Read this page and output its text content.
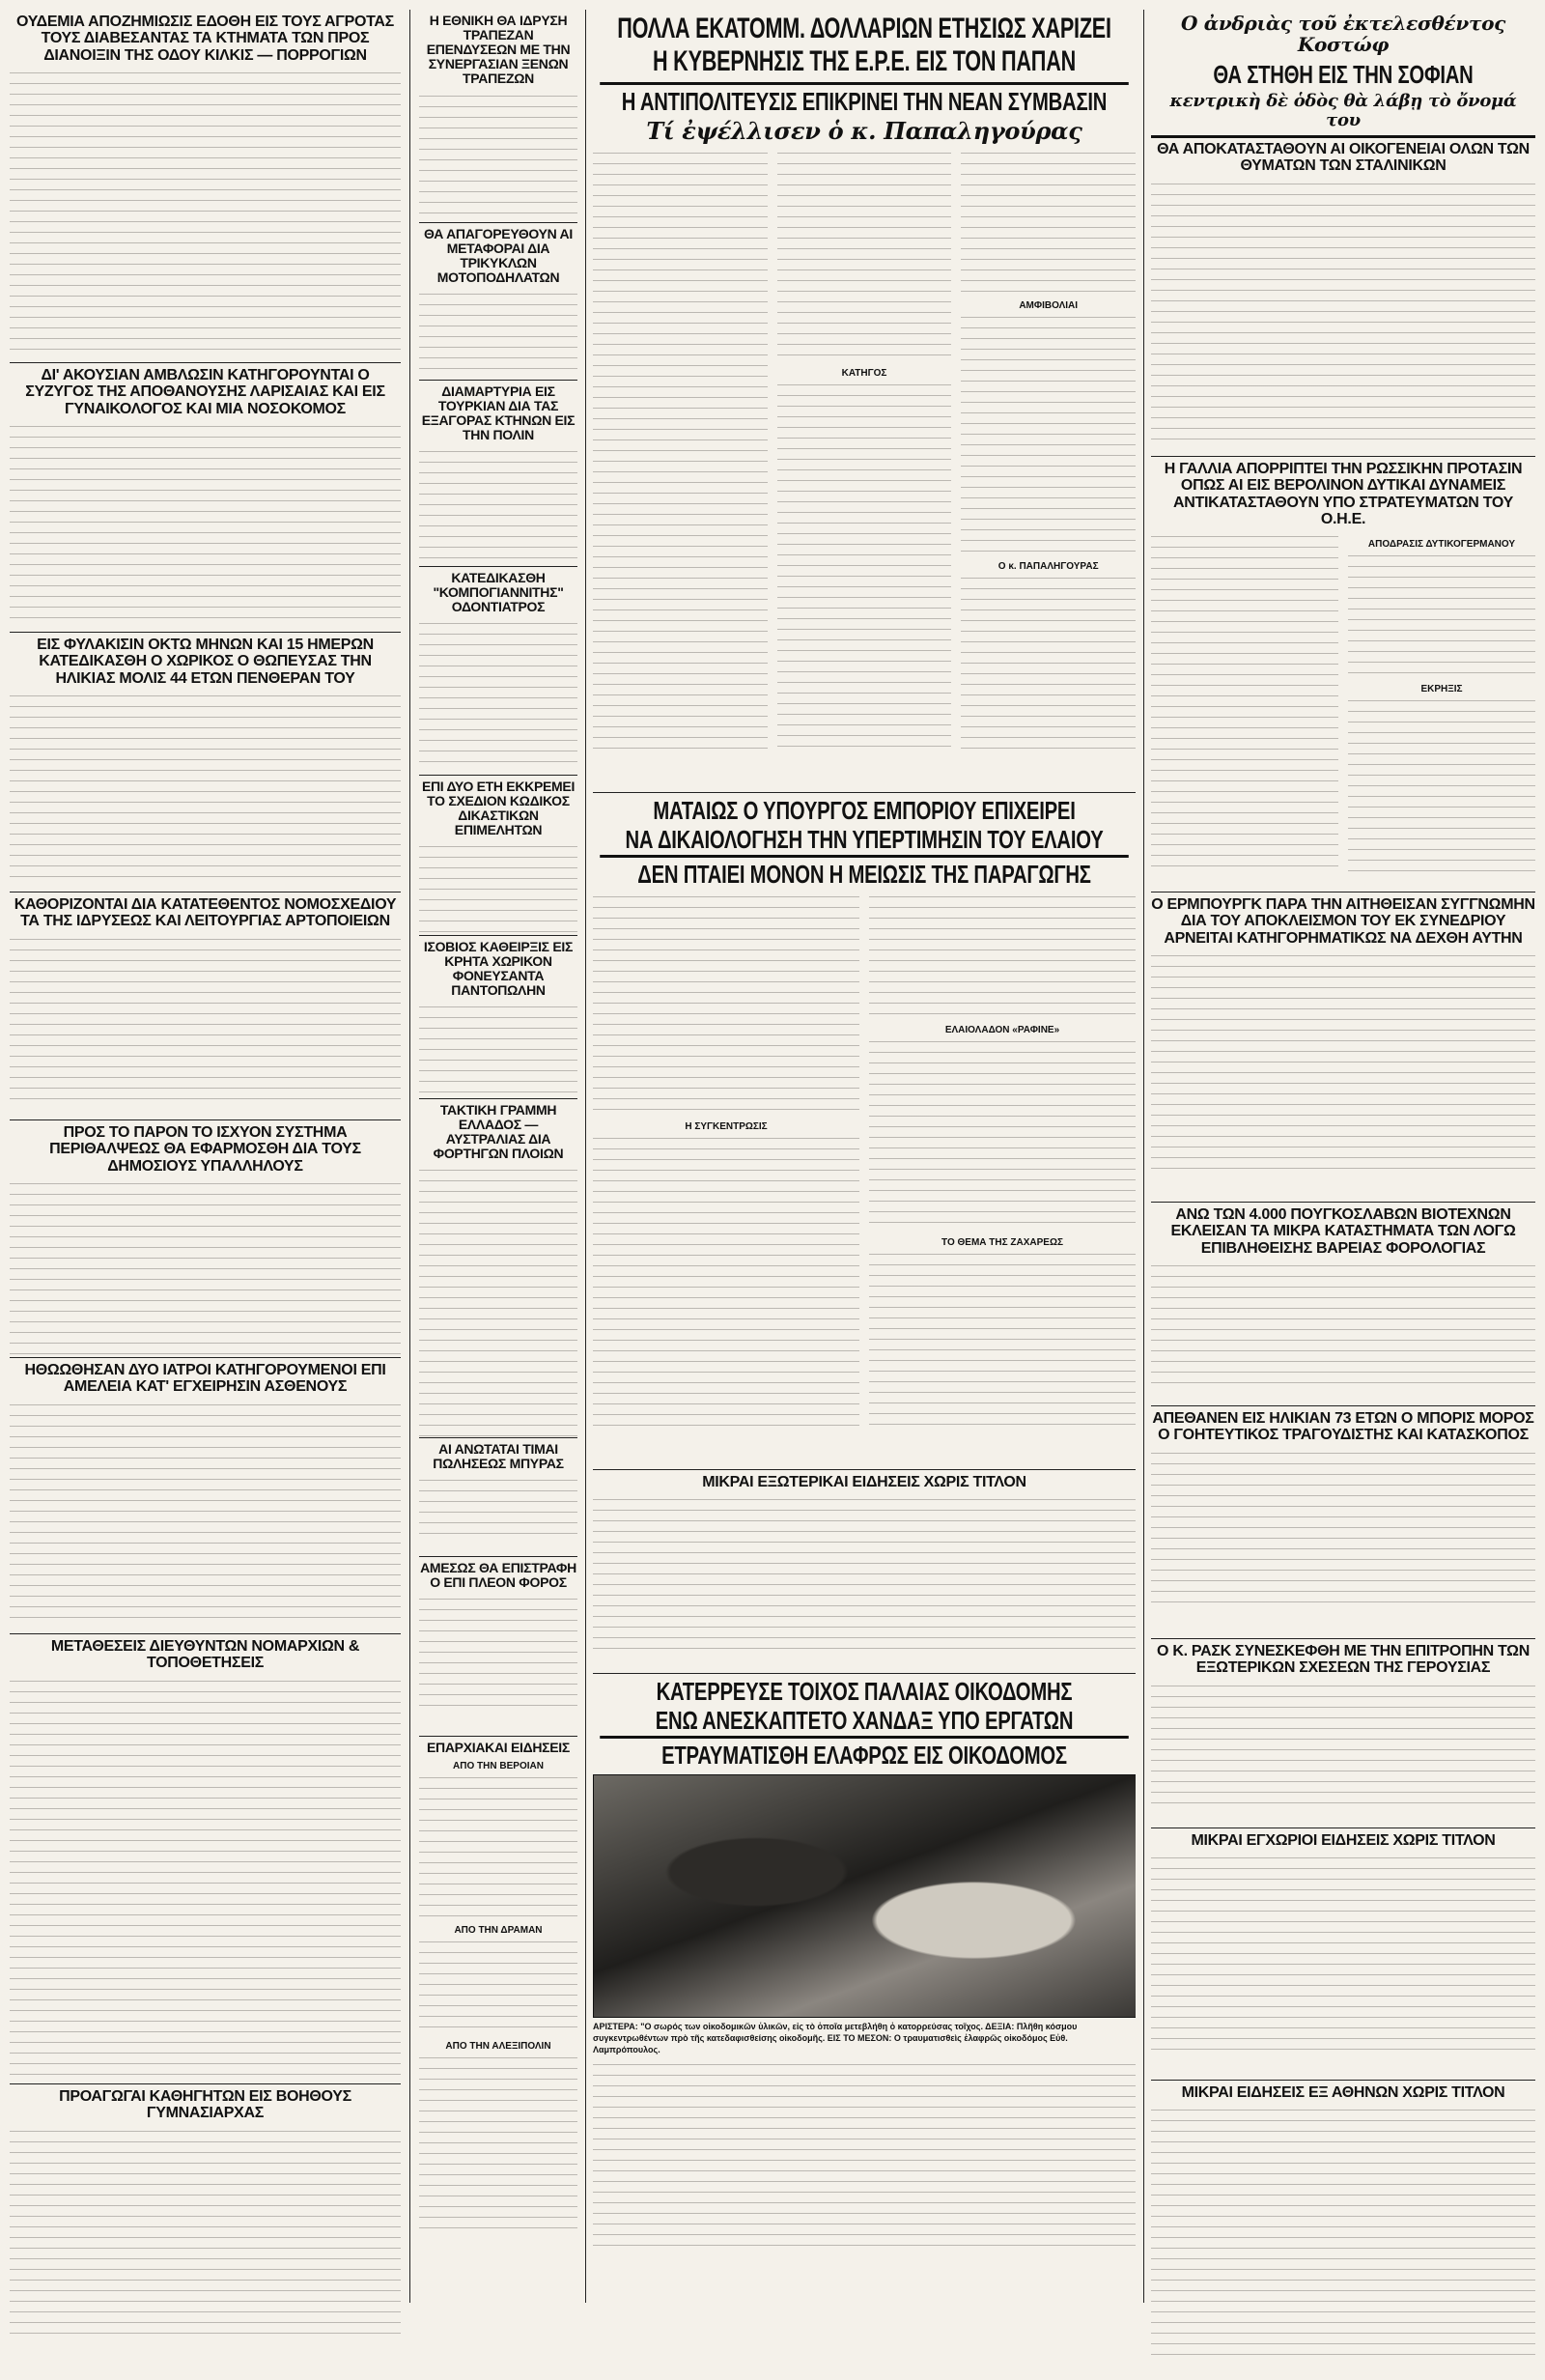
ΟΥΔΕΜΙΑ ΑΠΟΖΗΜΙΩΣΙΣ ΕΔΟΘΗ ΕΙΣ ΤΟΥΣ ΑΓΡΟΤΑΣ ΤΟΥΣ ΔΙΑΒΕΣΑΝΤΑΣ ΤΑ ΚΤΗΜΑΤΑ ΤΩΝ ΠΡΟΣ ΔΙΑΝΟΙΞΙΝ ΤΗΣ ΟΔΟΥ ΚΙΛΚΙΣ — ΠΟΡΡΟΓΙΩΝ
ΔΙ' ΑΚΟΥΣΙΑΝ ΑΜΒΛΩΣΙΝ ΚΑΤΗΓΟΡΟΥΝΤΑΙ Ο ΣΥΖΥΓΟΣ ΤΗΣ ΑΠΟΘΑΝΟΥΣΗΣ ΛΑΡΙΣΑΙΑΣ ΚΑΙ ΕΙΣ ΓΥΝΑΙΚΟΛΟΓΟΣ ΚΑΙ ΜΙΑ ΝΟΣΟΚΟΜΟΣ
ΕΙΣ ΦΥΛΑΚΙΣΙΝ ΟΚΤΩ ΜΗΝΩΝ ΚΑΙ 15 ΗΜΕΡΩΝ ΚΑΤΕΔΙΚΑΣΘΗ Ο ΧΩΡΙΚΟΣ Ο ΘΩΠΕΥΣΑΣ ΤΗΝ ΗΛΙΚΙΑΣ ΜΟΛΙΣ 44 ΕΤΩΝ ΠΕΝΘΕΡΑΝ ΤΟΥ
ΚΑΘΟΡΙΖΟΝΤΑΙ ΔΙΑ ΚΑΤΑΤΕΘΕΝΤΟΣ ΝΟΜΟΣΧΕΔΙΟΥ ΤΑ ΤΗΣ ΙΔΡΥΣΕΩΣ ΚΑΙ ΛΕΙΤΟΥΡΓΙΑΣ ΑΡΤΟΠΟΙΕΙΩΝ
ΠΡΟΣ ΤΟ ΠΑΡΟΝ ΤΟ ΙΣΧΥΟΝ ΣΥΣΤΗΜΑ ΠΕΡΙΘΑΛΨΕΩΣ ΘΑ ΕΦΑΡΜΟΣΘΗ ΔΙΑ ΤΟΥΣ ΔΗΜΟΣΙΟΥΣ ΥΠΑΛΛΗΛΟΥΣ
ΗΘΩΩΘΗΣΑΝ ΔΥΟ ΙΑΤΡΟΙ ΚΑΤΗΓΟΡΟΥΜΕΝΟΙ ΕΠΙ ΑΜΕΛΕΙΑ ΚΑΤ' ΕΓΧΕΙΡΗΣΙΝ ΑΣΘΕΝΟΥΣ
ΜΕΤΑΘΕΣΕΙΣ ΔΙΕΥΘΥΝΤΩΝ ΝΟΜΑΡΧΙΩΝ & ΤΟΠΟΘΕΤΗΣΕΙΣ
ΠΡΟΑΓΩΓΑΙ ΚΑΘΗΓΗΤΩΝ ΕΙΣ ΒΟΗΘΟΥΣ ΓΥΜΝΑΣΙΑΡΧΑΣ
Η ΕΘΝΙΚΗ ΘΑ ΙΔΡΥΣΗ ΤΡΑΠΕΖΑΝ ΕΠΕΝΔΥΣΕΩΝ ΜΕ ΤΗΝ ΣΥΝΕΡΓΑΣΙΑΝ ΞΕΝΩΝ ΤΡΑΠΕΖΩΝ
ΘΑ ΑΠΑΓΟΡΕΥΘΟΥΝ ΑΙ ΜΕΤΑΦΟΡΑΙ ΔΙΑ ΤΡΙΚΥΚΛΩΝ ΜΟΤΟΠΟΔΗΛΑΤΩΝ
ΔΙΑΜΑΡΤΥΡΙΑ ΕΙΣ ΤΟΥΡΚΙΑΝ ΔΙΑ ΤΑΣ ΕΞΑΓΟΡΑΣ ΚΤΗΝΩΝ ΕΙΣ ΤΗΝ ΠΟΛΙΝ
ΚΑΤΕΔΙΚΑΣΘΗ "ΚΟΜΠΟΓΙΑΝΝΙΤΗΣ" ΟΔΟΝΤΙΑΤΡΟΣ
ΕΠΙ ΔΥΟ ΕΤΗ ΕΚΚΡΕΜΕΙ ΤΟ ΣΧΕΔΙΟΝ ΚΩΔΙΚΟΣ ΔΙΚΑΣΤΙΚΩΝ ΕΠΙΜΕΛΗΤΩΝ
ΙΣΟΒΙΟΣ ΚΑΘΕΙΡΞΙΣ ΕΙΣ ΚΡΗΤΑ ΧΩΡΙΚΟΝ ΦΟΝΕΥΣΑΝΤΑ ΠΑΝΤΟΠΩΛΗΝ
ΤΑΚΤΙΚΗ ΓΡΑΜΜΗ ΕΛΛΑΔΟΣ — ΑΥΣΤΡΑΛΙΑΣ ΔΙΑ ΦΟΡΤΗΓΩΝ ΠΛΟΙΩΝ
ΑΙ ΑΝΩΤΑΤΑΙ ΤΙΜΑΙ ΠΩΛΗΣΕΩΣ ΜΠΥΡΑΣ
ΑΜΕΣΩΣ ΘΑ ΕΠΙΣΤΡΑΦΗ Ο ΕΠΙ ΠΛΕΟΝ ΦΟΡΟΣ
ΕΠΑΡΧΙΑΚΑΙ ΕΙΔΗΣΕΙΣ
ΑΠΟ ΤΗΝ ΒΕΡΟΙΑΝ
ΑΠΟ ΤΗΝ ΔΡΑΜΑΝ
ΑΠΟ ΤΗΝ ΑΛΕΞΙΠΟΛΙΝ
ΠΟΛΛΑ ΕΚΑΤΟΜΜ. ΔΟΛΛΑΡΙΩΝ ΕΤΗΣΙΩΣ ΧΑΡΙΖΕΙ
Η ΚΥΒΕΡΝΗΣΙΣ ΤΗΣ Ε.Ρ.Ε. ΕΙΣ ΤΟΝ ΠΑΠΑΝ
Η ΑΝΤΙΠΟΛΙΤΕΥΣΙΣ ΕΠΙΚΡΙΝΕΙ ΤΗΝ ΝΕΑΝ ΣΥΜΒΑΣΙΝ
Τί ἐψέλλισεν ὁ κ. Παπαληγούρας
ΚΑΤΗΓΟΣ
ΑΜΦΙΒΟΛΙΑΙ
Ο κ. ΠΑΠΑΛΗΓΟΥΡΑΣ
ΜΑΤΑΙΩΣ Ο ΥΠΟΥΡΓΟΣ ΕΜΠΟΡΙΟΥ ΕΠΙΧΕΙΡΕΙ
ΝΑ ΔΙΚΑΙΟΛΟΓΗΣΗ ΤΗΝ ΥΠΕΡΤΙΜΗΣΙΝ ΤΟΥ ΕΛΑΙΟΥ
ΔΕΝ ΠΤΑΙΕΙ ΜΟΝΟΝ Η ΜΕΙΩΣΙΣ ΤΗΣ ΠΑΡΑΓΩΓΗΣ
Η ΣΥΓΚΕΝΤΡΩΣΙΣ
ΕΛΑΙΟΛΑΔΟΝ «ΡΑΦΙΝΕ»
ΤΟ ΘΕΜΑ ΤΗΣ ΖΑΧΑΡΕΩΣ
ΜΙΚΡΑΙ ΕΞΩΤΕΡΙΚΑΙ ΕΙΔΗΣΕΙΣ ΧΩΡΙΣ ΤΙΤΛΟΝ
ΚΑΤΕΡΡΕΥΣΕ ΤΟΙΧΟΣ ΠΑΛΑΙΑΣ ΟΙΚΟΔΟΜΗΣ
ΕΝΩ ΑΝΕΣΚΑΠΤΕΤΟ ΧΑΝΔΑΞ ΥΠΟ ΕΡΓΑΤΩΝ
ΕΤΡΑΥΜΑΤΙΣΘΗ ΕΛΑΦΡΩΣ ΕΙΣ ΟΙΚΟΔΟΜΟΣ
ΑΡΙΣΤΕΡΑ: "Ο σωρός των οἰκοδομικῶν ὑλικῶν, εἰς τὸ ὁποῖα μετεβλήθη ὁ κατορρεύσας τοῖχος. ΔΕΞΙΑ: Πλῆθη κόσμου συγκεντρωθέντων πρὸ τῆς κατεδαφισθείσης οἰκοδομῆς. ΕΙΣ ΤΟ ΜΕΣΟΝ: Ο τραυματισθεὶς ἐλαφρῶς οἰκοδόμος Εὐθ. Λαμπρόπουλος.
Ο ἀνδριὰς τοῦ ἐκτελεσθέντος Κοστώφ
ΘΑ ΣΤΗΘΗ ΕΙΣ ΤΗΝ ΣΟΦΙΑΝ
κεντρικὴ δὲ ὁδὸς θὰ λάβῃ τὸ ὄνομά του
ΘΑ ΑΠΟΚΑΤΑΣΤΑΘΟΥΝ ΑΙ ΟΙΚΟΓΕΝΕΙΑΙ ΟΛΩΝ ΤΩΝ ΘΥΜΑΤΩΝ ΤΩΝ ΣΤΑΛΙΝΙΚΩΝ
Η ΓΑΛΛΙΑ ΑΠΟΡΡΙΠΤΕΙ ΤΗΝ ΡΩΣΣΙΚΗΝ ΠΡΟΤΑΣΙΝ ΟΠΩΣ ΑΙ ΕΙΣ ΒΕΡΟΛΙΝΟΝ ΔΥΤΙΚΑΙ ΔΥΝΑΜΕΙΣ ΑΝΤΙΚΑΤΑΣΤΑΘΟΥΝ ΥΠΟ ΣΤΡΑΤΕΥΜΑΤΩΝ ΤΟΥ Ο.Η.Ε.
ΑΠΟΔΡΑΣΙΣ ΔΥΤΙΚΟΓΕΡΜΑΝΟΥ
ΕΚΡΗΞΙΣ
Ο ΕΡΜΠΟΥΡΓΚ ΠΑΡΑ ΤΗΝ ΑΙΤΗΘΕΙΣΑΝ ΣΥΓΓΝΩΜΗΝ ΔΙΑ ΤΟΥ ΑΠΟΚΛΕΙΣΜΟΝ ΤΟΥ ΕΚ ΣΥΝΕΔΡΙΟΥ ΑΡΝΕΙΤΑΙ ΚΑΤΗΓΟΡΗΜΑΤΙΚΩΣ ΝΑ ΔΕΧΘΗ ΑΥΤΗΝ
ΑΝΩ ΤΩΝ 4.000 ΠΟΥΓΚΟΣΛΑΒΩΝ ΒΙΟΤΕΧΝΩΝ ΕΚΛΕΙΣΑΝ ΤΑ ΜΙΚΡΑ ΚΑΤΑΣΤΗΜΑΤΑ ΤΩΝ ΛΟΓΩ ΕΠΙΒΛΗΘΕΙΣΗΣ ΒΑΡΕΙΑΣ ΦΟΡΟΛΟΓΙΑΣ
ΑΠΕΘΑΝΕΝ ΕΙΣ ΗΛΙΚΙΑΝ 73 ΕΤΩΝ Ο ΜΠΟΡΙΣ ΜΟΡΟΣ Ο ΓΟΗΤΕΥΤΙΚΟΣ ΤΡΑΓΟΥΔΙΣΤΗΣ ΚΑΙ ΚΑΤΑΣΚΟΠΟΣ
Ο Κ. ΡΑΣΚ ΣΥΝΕΣΚΕΦΘΗ ΜΕ ΤΗΝ ΕΠΙΤΡΟΠΗΝ ΤΩΝ ΕΞΩΤΕΡΙΚΩΝ ΣΧΕΣΕΩΝ ΤΗΣ ΓΕΡΟΥΣΙΑΣ
ΜΙΚΡΑΙ ΕΓΧΩΡΙΟΙ ΕΙΔΗΣΕΙΣ ΧΩΡΙΣ ΤΙΤΛΟΝ
ΜΙΚΡΑΙ ΕΙΔΗΣΕΙΣ ΕΞ ΑΘΗΝΩΝ ΧΩΡΙΣ ΤΙΤΛΟΝ
